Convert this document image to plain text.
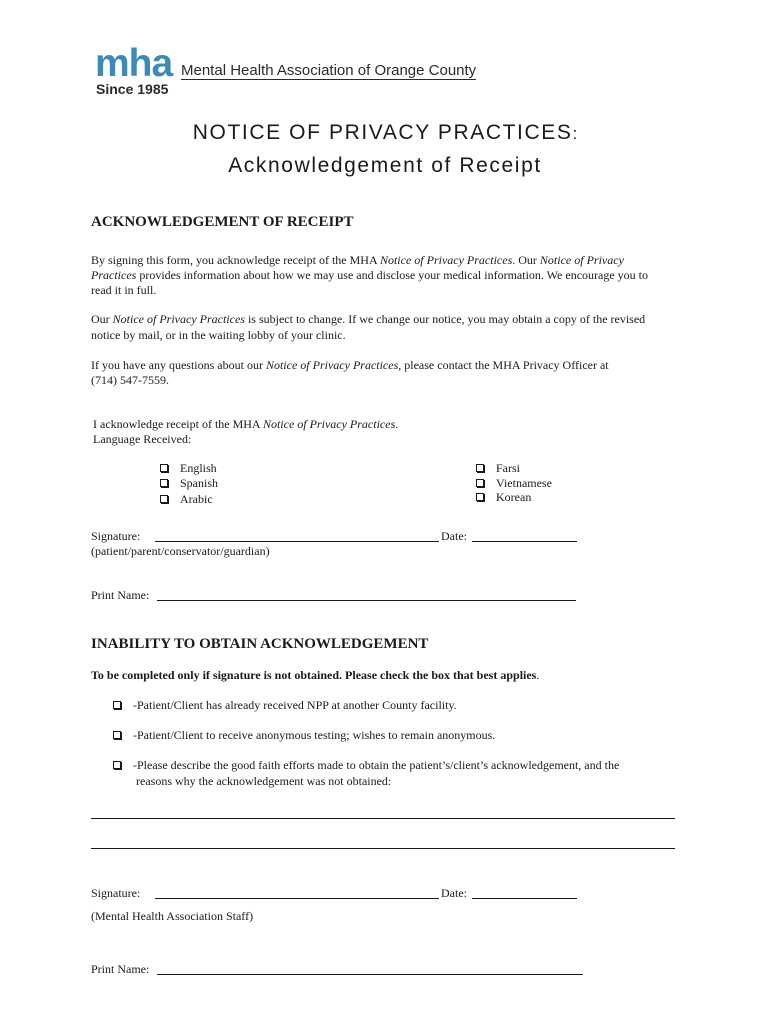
mha Mental Health Association of Orange County
Since 1985
NOTICE OF PRIVACY PRACTICES:
Acknowledgement of Receipt
ACKNOWLEDGEMENT OF RECEIPT
By signing this form, you acknowledge receipt of the MHA Notice of Privacy Practices. Our Notice of Privacy
Practices provides information about how we may use and disclose your medical information. We encourage you to
read it in full.
Our Notice of Privacy Practices is subject to change. If we change our notice, you may obtain a copy of the revised
notice by mail, or in the waiting lobby of your clinic.
If you have any questions about our Notice of Privacy Practices, please contact the MHA Privacy Officer at
(714) 547-7559.
I acknowledge receipt of the MHA Notice of Privacy Practices.
Language Received:
English
Spanish
Arabic
Farsi
Vietnamese
Korean
Signature:	Date:
(patient/parent/conservator/guardian)
Print Name:
INABILITY TO OBTAIN ACKNOWLEDGEMENT
To be completed only if signature is not obtained. Please check the box that best applies.
-Patient/Client has already received NPP at another County facility.
-Patient/Client to receive anonymous testing; wishes to remain anonymous.
-Please describe the good faith efforts made to obtain the patient’s/client’s acknowledgement, and the
reasons why the acknowledgement was not obtained:
Signature:	Date:
(Mental Health Association Staff)
Print Name:
